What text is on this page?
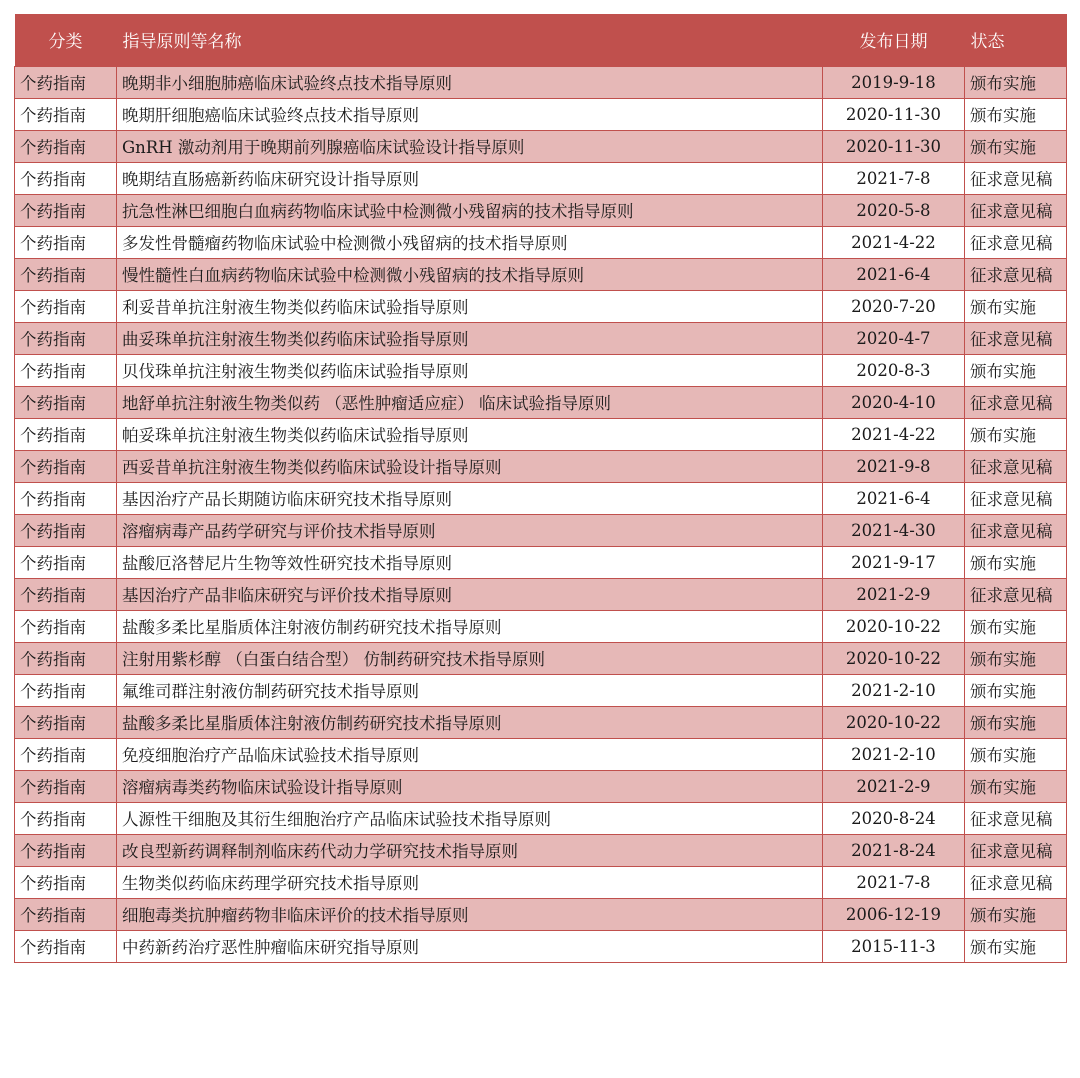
分类	指导原则等名称	发布日期	状态
个药指南	晚期非小细胞肺癌临床试验终点技术指导原则	2019-9-18	颁布实施
个药指南	晚期肝细胞癌临床试验终点技术指导原则	2020-11-30	颁布实施
个药指南	GnRH 激动剂用于晚期前列腺癌临床试验设计指导原则	2020-11-30	颁布实施
个药指南	晚期结直肠癌新药临床研究设计指导原则	2021-7-8	征求意见稿
个药指南	抗急性淋巴细胞白血病药物临床试验中检测微小残留病的技术指导原则	2020-5-8	征求意见稿
个药指南	多发性骨髓瘤药物临床试验中检测微小残留病的技术指导原则	2021-4-22	征求意见稿
个药指南	慢性髓性白血病药物临床试验中检测微小残留病的技术指导原则	2021-6-4	征求意见稿
个药指南	利妥昔单抗注射液生物类似药临床试验指导原则	2020-7-20	颁布实施
个药指南	曲妥珠单抗注射液生物类似药临床试验指导原则	2020-4-7	征求意见稿
个药指南	贝伐珠单抗注射液生物类似药临床试验指导原则	2020-8-3	颁布实施
个药指南	地舒单抗注射液生物类似药 （恶性肿瘤适应症） 临床试验指导原则	2020-4-10	征求意见稿
个药指南	帕妥珠单抗注射液生物类似药临床试验指导原则	2021-4-22	颁布实施
个药指南	西妥昔单抗注射液生物类似药临床试验设计指导原则	2021-9-8	征求意见稿
个药指南	基因治疗产品长期随访临床研究技术指导原则	2021-6-4	征求意见稿
个药指南	溶瘤病毒产品药学研究与评价技术指导原则	2021-4-30	征求意见稿
个药指南	盐酸厄洛替尼片生物等效性研究技术指导原则	2021-9-17	颁布实施
个药指南	基因治疗产品非临床研究与评价技术指导原则	2021-2-9	征求意见稿
个药指南	盐酸多柔比星脂质体注射液仿制药研究技术指导原则	2020-10-22	颁布实施
个药指南	注射用紫杉醇 （白蛋白结合型） 仿制药研究技术指导原则	2020-10-22	颁布实施
个药指南	氟维司群注射液仿制药研究技术指导原则	2021-2-10	颁布实施
个药指南	盐酸多柔比星脂质体注射液仿制药研究技术指导原则	2020-10-22	颁布实施
个药指南	免疫细胞治疗产品临床试验技术指导原则	2021-2-10	颁布实施
个药指南	溶瘤病毒类药物临床试验设计指导原则	2021-2-9	颁布实施
个药指南	人源性干细胞及其衍生细胞治疗产品临床试验技术指导原则	2020-8-24	征求意见稿
个药指南	改良型新药调释制剂临床药代动力学研究技术指导原则	2021-8-24	征求意见稿
个药指南	生物类似药临床药理学研究技术指导原则	2021-7-8	征求意见稿
个药指南	细胞毒类抗肿瘤药物非临床评价的技术指导原则	2006-12-19	颁布实施
个药指南	中药新药治疗恶性肿瘤临床研究指导原则	2015-11-3	颁布实施
